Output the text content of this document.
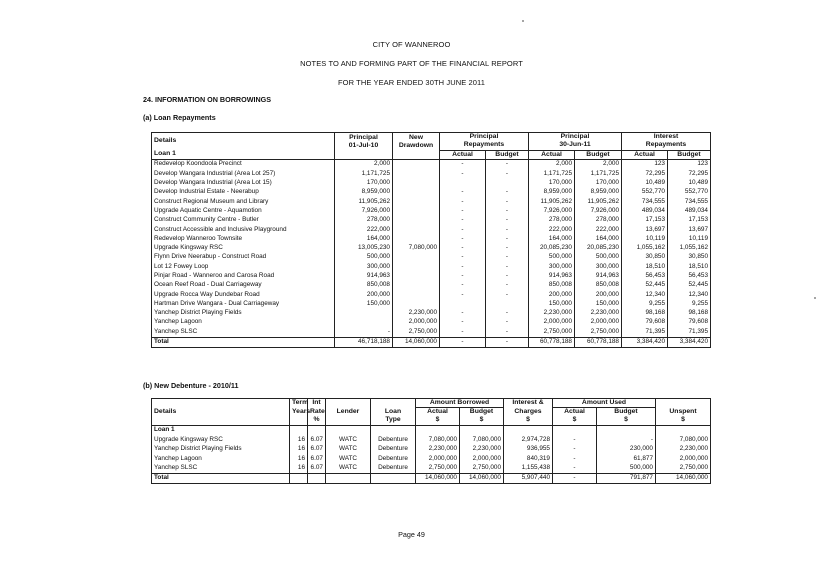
CITY OF WANNEROO
NOTES TO AND FORMING PART OF THE FINANCIAL REPORT
FOR THE YEAR ENDED 30TH JUNE 2011
24. INFORMATION ON BORROWINGS
(a) Loan Repayments
Details	Principal	New	Principal		Principal		Interest	
	01-Jul-10	Drawdown	Repayments		30-Jun-11		Repayments	
Loan 1			Actual	Budget	Actual	Budget	Actual	Budget
Redevelop Koondoola Precinct	2,000		-	-	2,000	2,000	123	123
Develop Wangara Industrial (Area Lot 257)	1,171,725		-	-	1,171,725	1,171,725	72,295	72,295
Develop Wangara Industrial (Area Lot 15)	170,000				170,000	170,000	10,489	10,489
Develop Industrial Estate - Neerabup	8,959,000		-	-	8,959,000	8,959,000	552,770	552,770
Construct Regional Museum and Library	11,905,262		-	-	11,905,262	11,905,262	734,555	734,555
Upgrade Aquatic Centre - Aquamotion	7,926,000		-	-	7,926,000	7,926,000	489,034	489,034
Construct Community Centre - Butler	278,000		-	-	278,000	278,000	17,153	17,153
Construct Accessible and Inclusive Playground	222,000		-	-	222,000	222,000	13,697	13,697
Redevelop Wanneroo Townsite	164,000		-	-	164,000	164,000	10,119	10,119
Upgrade Kingsway RSC	13,005,230	7,080,000	-	-	20,085,230	20,085,230	1,055,162	1,055,162
Flynn Drive Neerabup - Construct Road	500,000		-	-	500,000	500,000	30,850	30,850
Lot 12 Fowey Loop	300,000		-	-	300,000	300,000	18,510	18,510
Pinjar Road - Wanneroo and Carosa Road	914,963		-	-	914,963	914,963	56,453	56,453
Ocean Reef Road - Dual Carriageway	850,008		-	-	850,008	850,008	52,445	52,445
Upgrade Rocca Way Dundebar Road	200,000		-	-	200,000	200,000	12,340	12,340
Hartman Drive Wangara - Dual Carriageway	150,000				150,000	150,000	9,255	9,255
Yanchep District Playing Fields		2,230,000	-	-	2,230,000	2,230,000	98,168	98,168
Yanchep Lagoon		2,000,000	-	-	2,000,000	2,000,000	79,608	79,608
Yanchep SLSC	-	2,750,000	-	-	2,750,000	2,750,000	71,395	71,395
Total	46,718,188	14,060,000	-	-	60,778,188	60,778,188	3,384,420	3,384,420
(b) New Debenture - 2010/11
Details	Term	Int	Lender		Amount Borrowed		Interest &	Amount Used		
	Years	Rate		Loan	Actual	Budget	Charges	Actual	Budget	Unspent
		%		Type	$	$	$	$	$	$
Loan 1										
Upgrade Kingsway RSC	16	6.07	WATC	Debenture	7,080,000	7,080,000	2,974,728	-	-	7,080,000
Yanchep District Playing Fields	16	6.07	WATC	Debenture	2,230,000	2,230,000	936,955	-	230,000	2,230,000
Yanchep Lagoon	16	6.07	WATC	Debenture	2,000,000	2,000,000	840,319	-	61,877	2,000,000
Yanchep SLSC	16	6.07	WATC	Debenture	2,750,000	2,750,000	1,155,438	-	500,000	2,750,000
Total					14,060,000	14,060,000	5,907,440	-	791,877	14,060,000
Page 49
